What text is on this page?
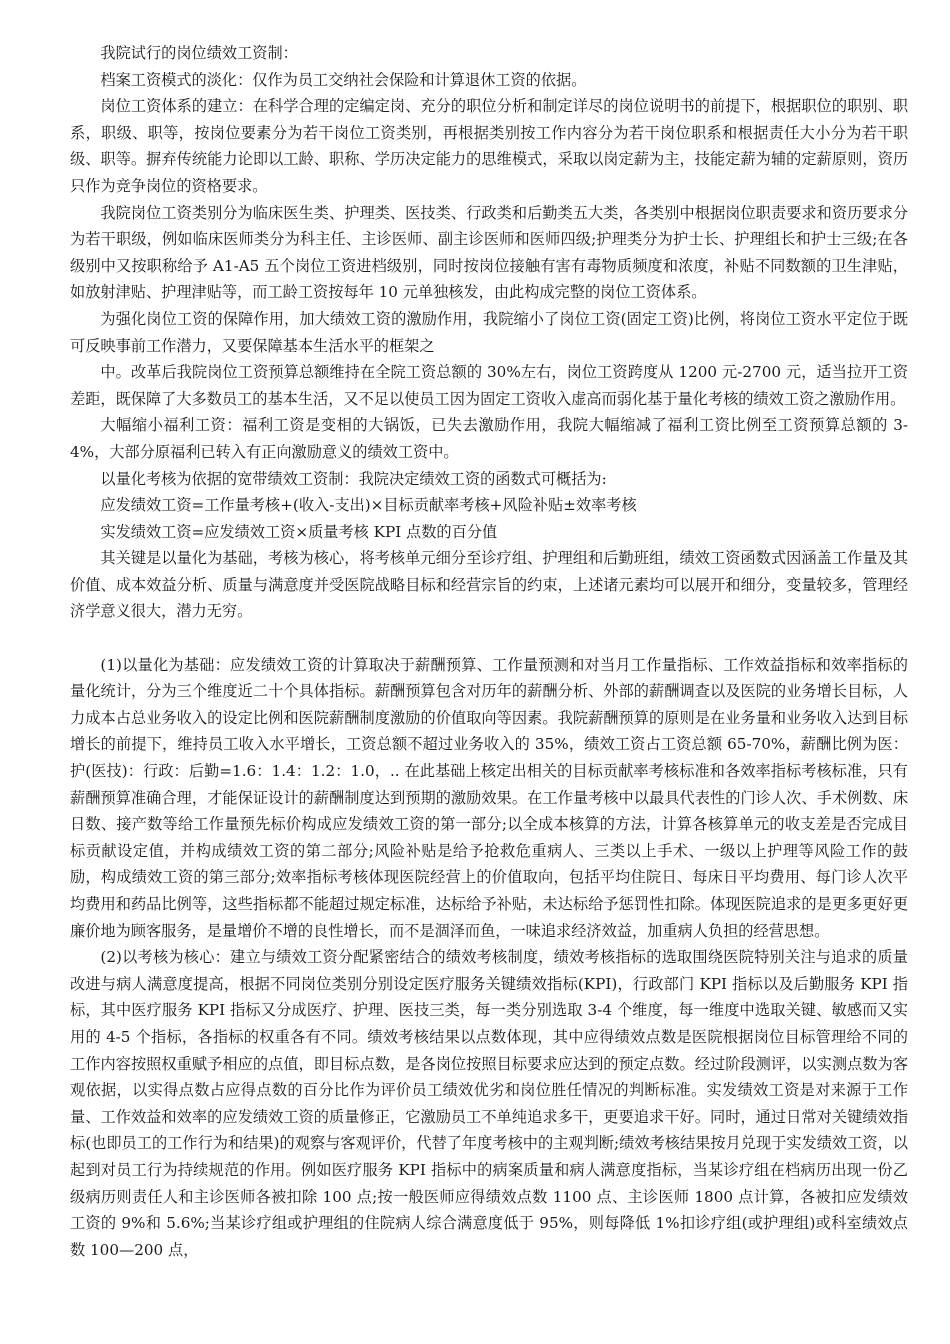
我院试行的岗位绩效工资制：

档案工资模式的淡化：仅作为员工交纳社会保险和计算退休工资的依据。

岗位工资体系的建立：在科学合理的定编定岗、充分的职位分析和制定详尽的岗位说明书的前提下，根据职位的职别、职系，职级、职等，按岗位要素分为若干岗位工资类别，再根据类别按工作内容分为若干岗位职系和根据责任大小分为若干职级、职等。摒弃传统能力论即以工龄、职称、学历决定能力的思维模式，采取以岗定薪为主，技能定薪为辅的定薪原则，资历只作为竞争岗位的资格要求。

我院岗位工资类别分为临床医生类、护理类、医技类、行政类和后勤类五大类，各类别中根据岗位职责要求和资历要求分为若干职级，例如临床医师类分为科主任、主诊医师、副主诊医师和医师四级;护理类分为护士长、护理组长和护士三级;在各级别中又按职称给予 A1-A5 五个岗位工资进档级别，同时按岗位接触有害有毒物质频度和浓度，补贴不同数额的卫生津贴，如放射津贴、护理津贴等，而工龄工资按每年 10 元单独核发，由此构成完整的岗位工资体系。

为强化岗位工资的保障作用，加大绩效工资的激励作用，我院缩小了岗位工资(固定工资)比例，将岗位工资水平定位于既可反映事前工作潜力，又要保障基本生活水平的框架之

中。改革后我院岗位工资预算总额维持在全院工资总额的 30%左右，岗位工资跨度从 1200 元-2700 元，适当拉开工资差距，既保障了大多数员工的基本生活，又不足以使员工因为固定工资收入虚高而弱化基于量化考核的绩效工资之激励作用。

大幅缩小福利工资：福利工资是变相的大锅饭，已失去激励作用，我院大幅缩减了福利工资比例至工资预算总额的 3-4%，大部分原福利已转入有正向激励意义的绩效工资中。

以量化考核为依据的宽带绩效工资制：我院决定绩效工资的函数式可概括为:

应发绩效工资=工作量考核+(收入-支出)×目标贡献率考核+风险补贴±效率考核

实发绩效工资=应发绩效工资×质量考核 KPI 点数的百分值

其关键是以量化为基础，考核为核心，将考核单元细分至诊疗组、护理组和后勤班组，绩效工资函数式因涵盖工作量及其价值、成本效益分析、质量与满意度并受医院战略目标和经营宗旨的约束，上述诸元素均可以展开和细分，变量较多，管理经济学意义很大，潜力无穷。

(1)以量化为基础：应发绩效工资的计算取决于薪酬预算、工作量预测和对当月工作量指标、工作效益指标和效率指标的量化统计，分为三个维度近二十个具体指标。薪酬预算包含对历年的薪酬分析、外部的薪酬调查以及医院的业务增长目标，人力成本占总业务收入的设定比例和医院薪酬制度激励的价值取向等因素。我院薪酬预算的原则是在业务量和业务收入达到目标增长的前提下，维持员工收入水平增长，工资总额不超过业务收入的 35%，绩效工资占工资总额 65-70%，薪酬比例为医：护(医技)：行政：后勤=1.6：1.4：1.2：1.0，.. 在此基础上核定出相关的目标贡献率考核标准和各效率指标考核标准，只有薪酬预算准确合理，才能保证设计的薪酬制度达到预期的激励效果。在工作量考核中以最具代表性的门诊人次、手术例数、床日数、接产数等给工作量预先标价构成应发绩效工资的第一部分;以全成本核算的方法，计算各核算单元的收支差是否完成目标贡献设定值，并构成绩效工资的第二部分;风险补贴是给予抢救危重病人、三类以上手术、一级以上护理等风险工作的鼓励，构成绩效工资的第三部分;效率指标考核体现医院经营上的价值取向，包括平均住院日、每床日平均费用、每门诊人次平均费用和药品比例等，这些指标都不能超过规定标准，达标给予补贴，未达标给予惩罚性扣除。体现医院追求的是更多更好更廉价地为顾客服务，是量增价不增的良性增长，而不是涸泽而鱼，一味追求经济效益，加重病人负担的经营思想。

(2)以考核为核心：建立与绩效工资分配紧密结合的绩效考核制度，绩效考核指标的选取围绕医院特别关注与追求的质量改进与病人满意度提高，根据不同岗位类别分别设定医疗服务关键绩效指标(KPI)，行政部门 KPI 指标以及后勤服务 KPI 指标，其中医疗服务 KPI 指标又分成医疗、护理、医技三类，每一类分别选取 3-4 个维度，每一维度中选取关键、敏感而又实用的 4-5 个指标，各指标的权重各有不同。绩效考核结果以点数体现，其中应得绩效点数是医院根据岗位目标管理给不同的工作内容按照权重赋予相应的点值，即目标点数，是各岗位按照目标要求应达到的预定点数。经过阶段测评，以实测点数为客观依据，以实得点数占应得点数的百分比作为评价员工绩效优劣和岗位胜任情况的判断标准。实发绩效工资是对来源于工作量、工作效益和效率的应发绩效工资的质量修正，它激励员工不单纯追求多干，更要追求干好。同时，通过日常对关键绩效指标(也即员工的工作行为和结果)的观察与客观评价，代替了年度考核中的主观判断;绩效考核结果按月兑现于实发绩效工资，以起到对员工行为持续规范的作用。例如医疗服务 KPI 指标中的病案质量和病人满意度指标，当某诊疗组在档病历出现一份乙级病历则责任人和主诊医师各被扣除 100 点;按一般医师应得绩效点数 1100 点、主诊医师 1800 点计算，各被扣应发绩效工资的 9%和 5.6%;当某诊疗组或护理组的住院病人综合满意度低于 95%，则每降低 1%扣诊疗组(或护理组)或科室绩效点数 100—200 点，
